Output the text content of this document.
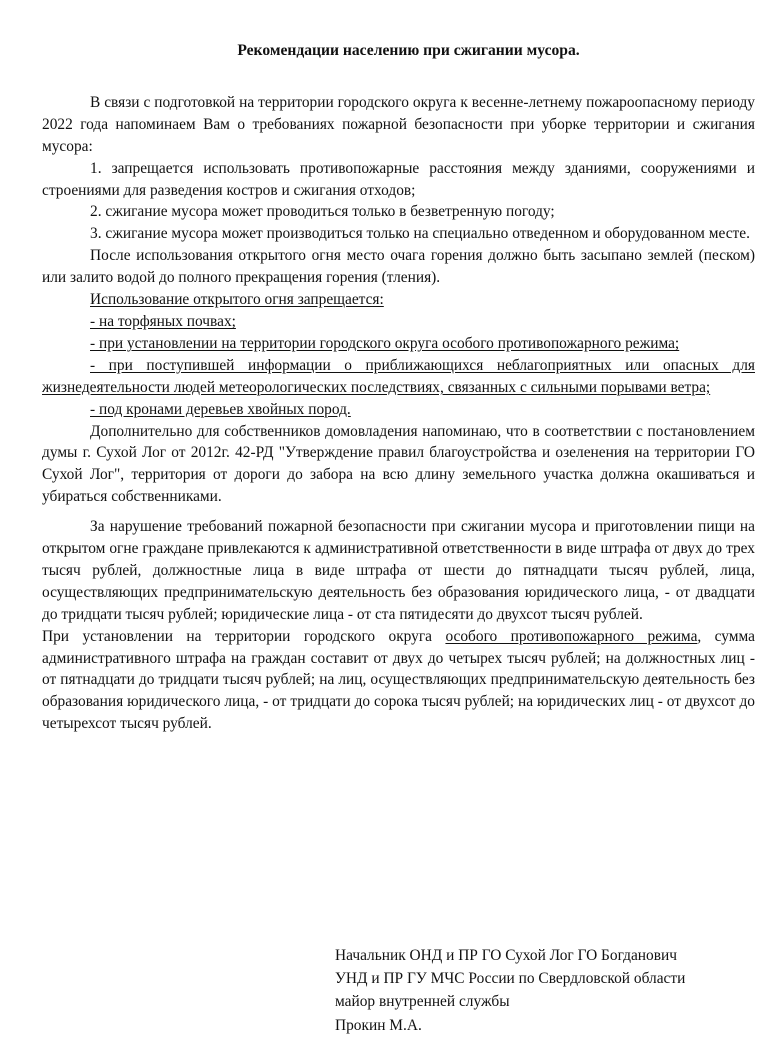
Рекомендации населению при сжигании мусора.

В связи с подготовкой на территории городского округа к весенне-летнему пожароопасному периоду 2022 года напоминаем Вам о требованиях пожарной безопасности при уборке территории и сжигания мусора:

1. запрещается использовать противопожарные расстояния между зданиями, сооружениями и строениями для разведения костров и сжигания отходов;

2. сжигание мусора может проводиться только в безветренную погоду;

3. сжигание мусора может производиться только на специально отведенном и оборудованном месте.

После использования открытого огня место очага горения должно быть засыпано землей (песком) или залито водой до полного прекращения горения (тления).

Использование открытого огня запрещается:

- на торфяных почвах;

- при установлении на территории городского округа особого противопожарного режима;

- при поступившей информации о приближающихся неблагоприятных или опасных для жизнедеятельности людей метеорологических последствиях, связанных с сильными порывами ветра;

- под кронами деревьев хвойных пород.

Дополнительно для собственников домовладения напоминаю, что в соответствии с постановлением думы г. Сухой Лог от 2012г. 42-РД "Утверждение правил благоустройства и озеленения на территории ГО Сухой Лог", территория от дороги до забора на всю длину земельного участка должна окашиваться и убираться собственниками.

За нарушение требований пожарной безопасности при сжигании мусора и приготовлении пищи на открытом огне граждане привлекаются к административной ответственности в виде штрафа от двух до трех тысяч рублей, должностные лица в виде штрафа от шести до пятнадцати тысяч рублей, лица, осуществляющих предпринимательскую деятельность без образования юридического лица, - от двадцати до тридцати тысяч рублей; юридические лица - от ста пятидесяти до двухсот тысяч рублей.

При установлении на территории городского округа особого противопожарного режима, сумма административного штрафа на граждан составит от двух до четырех тысяч рублей; на должностных лиц - от пятнадцати до тридцати тысяч рублей; на лиц, осуществляющих предпринимательскую деятельность без образования юридического лица, - от тридцати до сорока тысяч рублей; на юридических лиц - от двухсот до четырехсот тысяч рублей.

Начальник ОНД и ПР ГО Сухой Лог ГО Богданович
УНД и ПР ГУ МЧС России по Свердловской области
майор внутренней службы
Прокин М.А.
